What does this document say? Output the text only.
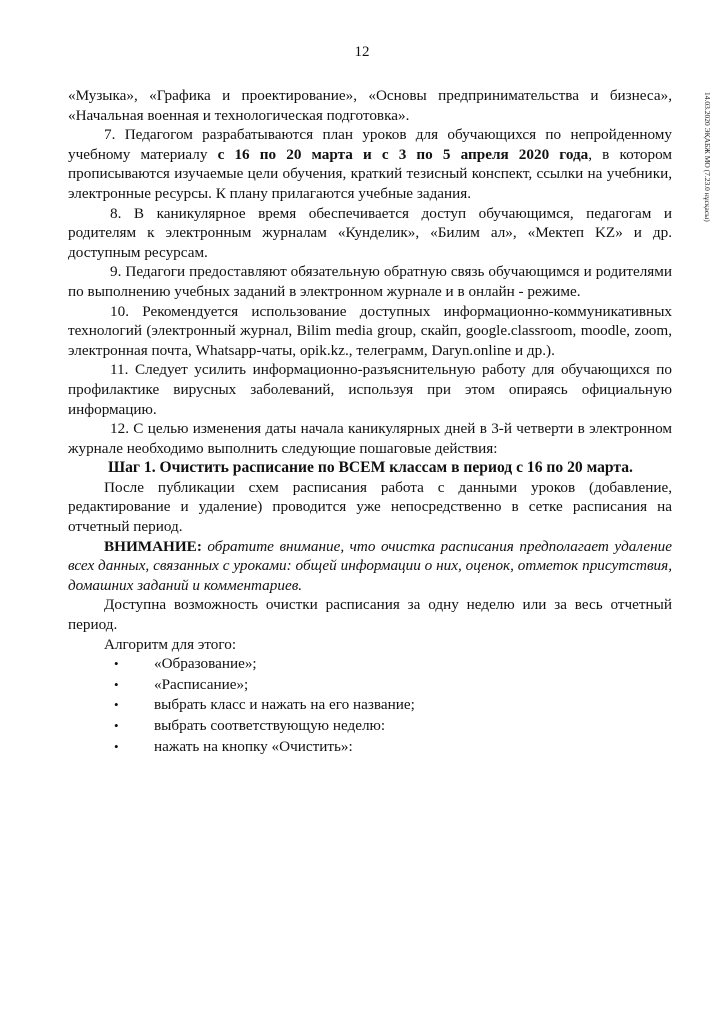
12
14.03.2020 ЭҚАБЖ МО (7.23.0 нұсқасы)

«Музыка», «Графика и проектирование», «Основы предпринимательства и бизнеса», «Начальная военная и технологическая подготовка».

7. Педагогом разрабатываются план уроков для обучающихся по непройденному учебному материалу с 16 по 20 марта и с 3 по 5 апреля 2020 года, в котором прописываются изучаемые цели обучения, краткий тезисный конспект, ссылки на учебники, электронные ресурсы. К плану прилагаются учебные задания.

8. В каникулярное время обеспечивается доступ обучающимся, педагогам и родителям к электронным журналам «Кунделик», «Билим ал», «Мектеп KZ» и др. доступным ресурсам.

9. Педагоги предоставляют обязательную обратную связь обучающимся и родителями по выполнению учебных заданий в электронном журнале и в онлайн - режиме.

10. Рекомендуется использование доступных информационно-коммуникативных технологий (электронный журнал, Bilim media group, скайп, google.classroom, moodle, zoom, электронная почта, Whatsapp-чаты, opik.kz., телеграмм, Daryn.online и др.).

11. Следует усилить информационно-разъяснительную работу для обучающихся по профилактике вирусных заболеваний, используя при этом опираясь официальную информацию.

12. С целью изменения даты начала каникулярных дней в 3-й четверти в электронном журнале необходимо выполнить следующие пошаговые действия:

Шаг 1. Очистить расписание по ВСЕМ классам в период с 16 по 20 марта.

После публикации схем расписания работа с данными уроков (добавление, редактирование и удаление) проводится уже непосредственно в сетке расписания на отчетный период.

ВНИМАНИЕ: обратите внимание, что очистка расписания предполагает удаление всех данных, связанных с уроками: общей информации о них, оценок, отметок присутствия, домашних заданий и комментариев.

Доступна возможность очистки расписания за одну неделю или за весь отчетный период.

Алгоритм для этого:

• «Образование»;
• «Расписание»;
• выбрать класс и нажать на его название;
• выбрать соответствующую неделю:
• нажать на кнопку «Очистить»:
